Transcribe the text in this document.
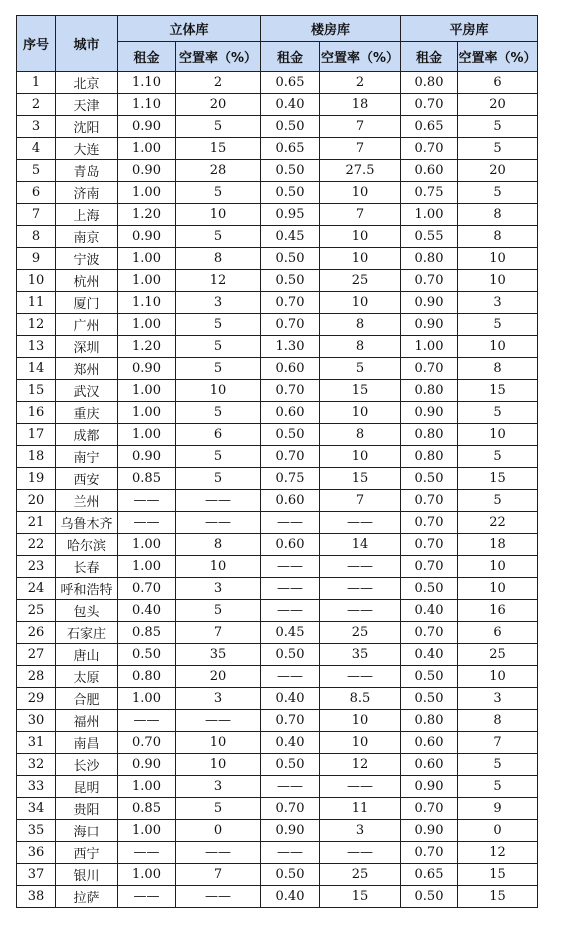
序号	城市	立体库		楼房库		平房库	
		租金	空置率（%）	租金	空置率（%）	租金	空置率（%）
1	北京	1.10	2	0.65	2	0.80	6
2	天津	1.10	20	0.40	18	0.70	20
3	沈阳	0.90	5	0.50	7	0.65	5
4	大连	1.00	15	0.65	7	0.70	5
5	青岛	0.90	28	0.50	27.5	0.60	20
6	济南	1.00	5	0.50	10	0.75	5
7	上海	1.20	10	0.95	7	1.00	8
8	南京	0.90	5	0.45	10	0.55	8
9	宁波	1.00	8	0.50	10	0.80	10
10	杭州	1.00	12	0.50	25	0.70	10
11	厦门	1.10	3	0.70	10	0.90	3
12	广州	1.00	5	0.70	8	0.90	5
13	深圳	1.20	5	1.30	8	1.00	10
14	郑州	0.90	5	0.60	5	0.70	8
15	武汉	1.00	10	0.70	15	0.80	15
16	重庆	1.00	5	0.60	10	0.90	5
17	成都	1.00	6	0.50	8	0.80	10
18	南宁	0.90	5	0.70	10	0.80	5
19	西安	0.85	5	0.75	15	0.50	15
20	兰州	——	——	0.60	7	0.70	5
21	乌鲁木齐	——	——	——	——	0.70	22
22	哈尔滨	1.00	8	0.60	14	0.70	18
23	长春	1.00	10	——	——	0.70	10
24	呼和浩特	0.70	3	——	——	0.50	10
25	包头	0.40	5	——	——	0.40	16
26	石家庄	0.85	7	0.45	25	0.70	6
27	唐山	0.50	35	0.50	35	0.40	25
28	太原	0.80	20	——	——	0.50	10
29	合肥	1.00	3	0.40	8.5	0.50	3
30	福州	——	——	0.70	10	0.80	8
31	南昌	0.70	10	0.40	10	0.60	7
32	长沙	0.90	10	0.50	12	0.60	5
33	昆明	1.00	3	——	——	0.90	5
34	贵阳	0.85	5	0.70	11	0.70	9
35	海口	1.00	0	0.90	3	0.90	0
36	西宁	——	——	——	——	0.70	12
37	银川	1.00	7	0.50	25	0.65	15
38	拉萨	——	——	0.40	15	0.50	15
